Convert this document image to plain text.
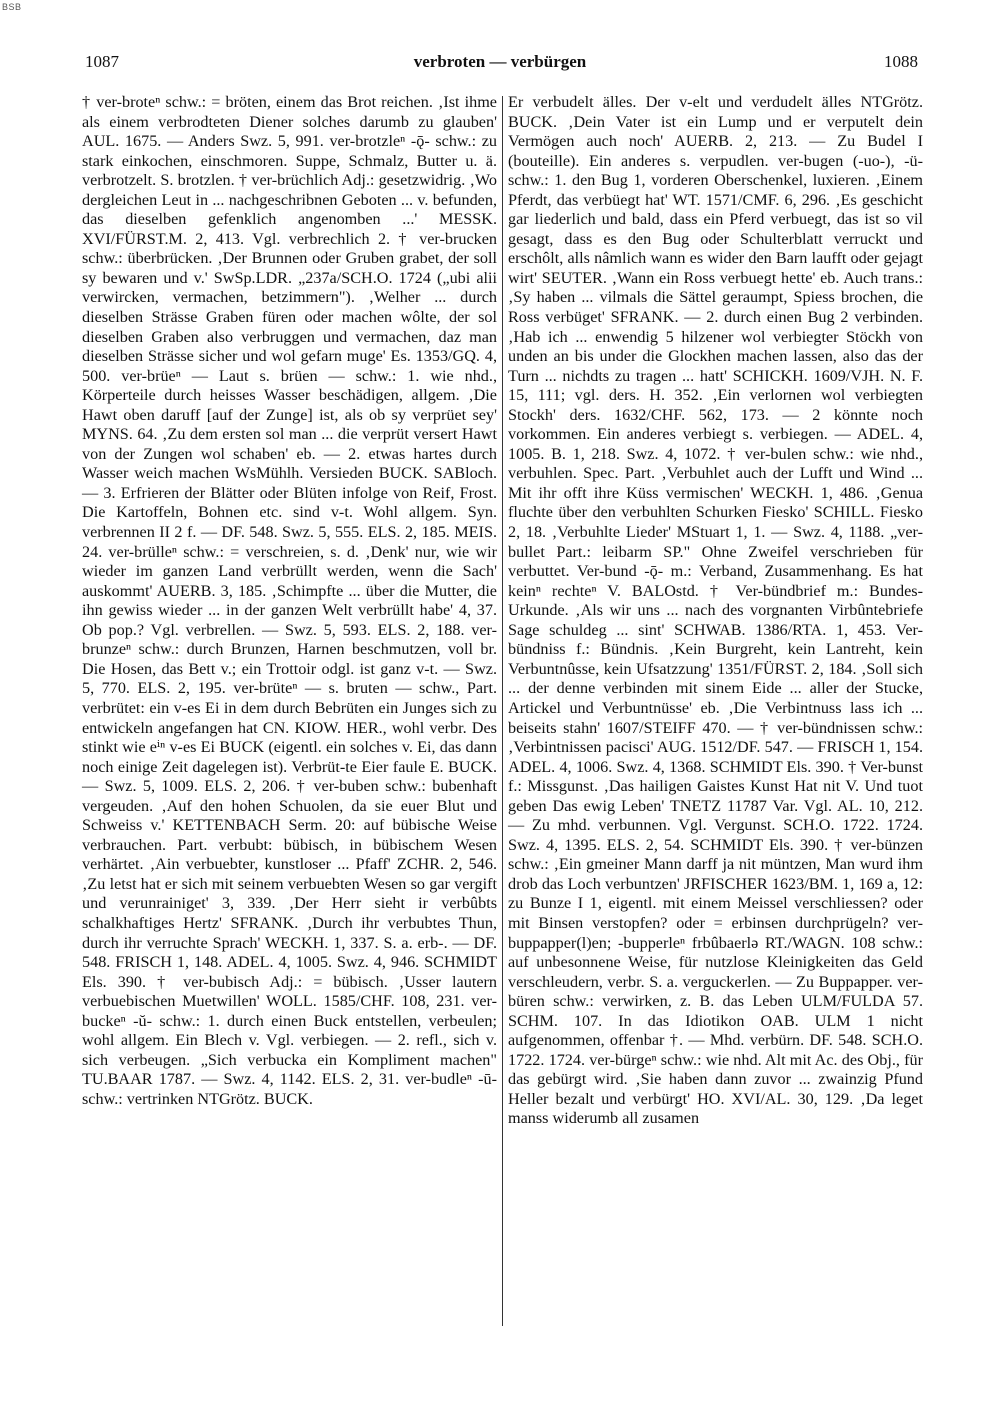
BSB
1087	verbroten — verbürgen	1088

† ver-broteⁿ schw.: = bröten, einem das Brot reichen. ‚Ist ihme als einem verbrodteten Diener solches darumb zu glauben' AUL. 1675. — Anders Swz. 5, 991. ver-brotzleⁿ -ǭ- schw.: zu stark einkochen, einschmoren. Suppe, Schmalz, Butter u. ä. verbrotzelt. S. brotzlen. † ver-brüchlich Adj.: gesetzwidrig. ‚Wo dergleichen Leut in ... nachgeschribnen Geboten ... v. befunden, das dieselben gefenklich angenomben ...' MESSK. XVI/FÜRST.M. 2, 413. Vgl. verbrechlich 2. † ver-brucken schw.: überbrücken. ‚Der Brunnen oder Gruben grabet, der soll sy bewaren und v.' SwSp.LDR. „237a/SCH.O. 1724 („ubi alii verwircken, vermachen, betzimmern"). ‚Welher ... durch dieselben Strässe Graben füren oder machen wôlte, der sol dieselben Graben also verbruggen und vermachen, daz man dieselben Strässe sicher und wol gefarn muge' Es. 1353/GQ. 4, 500. ver-brüeⁿ — Laut s. brüen — schw.: 1. wie nhd., Körperteile durch heisses Wasser beschädigen, allgem. ‚Die Hawt oben daruff [auf der Zunge] ist, als ob sy verprüet sey' MYNS. 64. ‚Zu dem ersten sol man ... die verprüt versert Hawt von der Zungen wol schaben' eb. — 2. etwas hartes durch Wasser weich machen WsMühlh. Versieden BUCK. SABloch. — 3. Erfrieren der Blätter oder Blüten infolge von Reif, Frost. Die Kartoffeln, Bohnen etc. sind v-t. Wohl allgem. Syn. verbrennen II 2 f. — DF. 548. Swz. 5, 555. ELS. 2, 185. MEIS. 24. ver-brülleⁿ schw.: = verschreien, s. d. ‚Denk' nur, wie wir wieder im ganzen Land verbrüllt werden, wenn die Sach' auskommt' AUERB. 3, 185. ‚Schimpfte ... über die Mutter, die ihn gewiss wieder ... in der ganzen Welt verbrüllt habe' 4, 37. Ob pop.? Vgl. verbrellen. — Swz. 5, 593. ELS. 2, 188. ver-brunzeⁿ schw.: durch Brunzen, Harnen beschmutzen, voll br. Die Hosen, das Bett v.; ein Trottoir odgl. ist ganz v-t. — Swz. 5, 770. ELS. 2, 195. ver-brüteⁿ — s. bruten — schw., Part. verbrütet: ein v-es Ei in dem durch Bebrüten ein Junges sich zu entwickeln angefangen hat CN. KIOW. HER., wohl verbr. Des stinkt wie eⁱⁿ v-es Ei BUCK (eigentl. ein solches v. Ei, das dann noch einige Zeit dagelegen ist). Verbrüt-te Eier faule E. BUCK. — Swz. 5, 1009. ELS. 2, 206. † ver-buben schw.: bubenhaft vergeuden. ‚Auf den hohen Schuolen, da sie euer Blut und Schweiss v.' KETTENBACH Serm. 20: auf bübische Weise verbrauchen. Part. verbubt: bübisch, in bübischem Wesen verhärtet. ‚Ain verbuebter, kunstloser ... Pfaff' ZCHR. 2, 546. ‚Zu letst hat er sich mit seinem verbuebten Wesen so gar vergift und verunrainiget' 3, 339. ‚Der Herr sieht ir verbûbts schalkhaftiges Hertz' SFRANK. ‚Durch ihr verbubtes Thun, durch ihr verruchte Sprach' WECKH. 1, 337. S. a. erb-. — DF. 548. FRISCH 1, 148. ADEL. 4, 1005. Swz. 4, 946. SCHMIDT Els. 390. † ver-bubisch Adj.: = bübisch. ‚Usser lautern verbuebischen Muetwillen' WOLL. 1585/CHF. 108, 231. ver-buckeⁿ -ŭ- schw.: 1. durch einen Buck entstellen, verbeulen; wohl allgem. Ein Blech v. Vgl. verbiegen. — 2. refl., sich v. sich verbeugen. „Sich verbucka ein Kompliment machen" TU.BAAR 1787. — Swz. 4, 1142. ELS. 2, 31. ver-budleⁿ -ū- schw.: vertrinken NTGrötz. BUCK.

Er verbudelt älles. Der v-elt und verdudelt älles NTGrötz. BUCK. ‚Dein Vater ist ein Lump und er verputelt dein Vermögen auch noch' AUERB. 2, 213. — Zu Budel I (bouteille). Ein anderes s. verpudlen. ver-bugen (-uo-), -ü- schw.: 1. den Bug 1, vorderen Oberschenkel, luxieren. ‚Einem Pferdt, das verbüegt hat' WT. 1571/CMF. 6, 296. ‚Es geschicht gar liederlich und bald, dass ein Pferd verbuegt, das ist so vil gesagt, dass es den Bug oder Schulterblatt verruckt und erschôlt, alls nâmlich wann es wider den Barn laufft oder gejagt wirt' SEUTER. ‚Wann ein Ross verbuegt hette' eb. Auch trans.: ‚Sy haben ... vilmals die Sättel geraumpt, Spiess brochen, die Ross verbüget' SFRANK. — 2. durch einen Bug 2 verbinden. ‚Hab ich ... enwendig 5 hilzener wol verbiegter Stöckh von unden an bis under die Glockhen machen lassen, also das der Turn ... nichdts zu tragen ... hatt' SCHICKH. 1609/VJH. N. F. 15, 111; vgl. ders. H. 352. ‚Ein verlornen wol verbiegten Stockh' ders. 1632/CHF. 562, 173. — 2 könnte noch vorkommen. Ein anderes verbiegt s. verbiegen. — ADEL. 4, 1005. B. 1, 218. Swz. 4, 1072. † ver-bulen schw.: wie nhd., verbuhlen. Spec. Part. ‚Verbuhlet auch der Lufft und Wind ... Mit ihr offt ihre Küss vermischen' WECKH. 1, 486. ‚Genua fluchte über den verbuhlten Schurken Fiesko' SCHILL. Fiesko 2, 18. ‚Verbuhlte Lieder' MStuart 1, 1. — Swz. 4, 1188. „ver-bullet Part.: leibarm SP." Ohne Zweifel verschrieben für verbuttet. Ver-bund -ǭ- m.: Verband, Zusammenhang. Es hat keinⁿ rechteⁿ V. BALOstd. † Ver-bündbrief m.: Bundes-Urkunde. ‚Als wir uns ... nach des vorgnanten Virbûntebriefe Sage schuldeg ... sint' SCHWAB. 1386/RTA. 1, 453. Ver-bündniss f.: Bündnis. ‚Kein Burgreht, kein Lantreht, kein Verbuntnûsse, kein Ufsatzzung' 1351/FÜRST. 2, 184. ‚Soll sich ... der denne verbinden mit sinem Eide ... aller der Stucke, Artickel und Verbuntnüsse' eb. ‚Die Verbintnuss lass ich ... beiseits stahn' 1607/STEIFF 470. — † ver-bündnissen schw.: ‚Verbintnissen pacisci' AUG. 1512/DF. 547. — FRISCH 1, 154. ADEL. 4, 1006. Swz. 4, 1368. SCHMIDT Els. 390. † Ver-bunst f.: Missgunst. ‚Das hailigen Gaistes Kunst Hat nit V. Und tuot geben Das ewig Leben' TNETZ 11787 Var. Vgl. AL. 10, 212. — Zu mhd. verbunnen. Vgl. Vergunst. SCH.O. 1722. 1724. Swz. 4, 1395. ELS. 2, 54. SCHMIDT Els. 390. † ver-bünzen schw.: ‚Ein gmeiner Mann darff ja nit müntzen, Man wurd ihm drob das Loch verbuntzen' JRFISCHER 1623/BM. 1, 169 a, 12: zu Bunze I 1, eigentl. mit einem Meissel verschliessen? oder mit Binsen verstopfen? oder = erbinsen durchprügeln? ver-buppapper(l)en; -bupperleⁿ frbûbaerlə RT./WAGN. 108 schw.: auf unbesonnene Weise, für nutzlose Kleinigkeiten das Geld verschleudern, verbr. S. a. verguckerlen. — Zu Buppapper. ver-büren schw.: verwirken, z. B. das Leben ULM/FULDA 57. SCHM. 107. In das Idiotikon OAB. ULM 1 nicht aufgenommen, offenbar †. — Mhd. verbürn. DF. 548. SCH.O. 1722. 1724. ver-bürgeⁿ schw.: wie nhd. Alt mit Ac. des Obj., für das gebürgt wird. ‚Sie haben dann zuvor ... zwainzig Pfund Heller bezalt und verbürgt' HO. XVI/AL. 30, 129. ‚Da leget manss widerumb all zusamen
